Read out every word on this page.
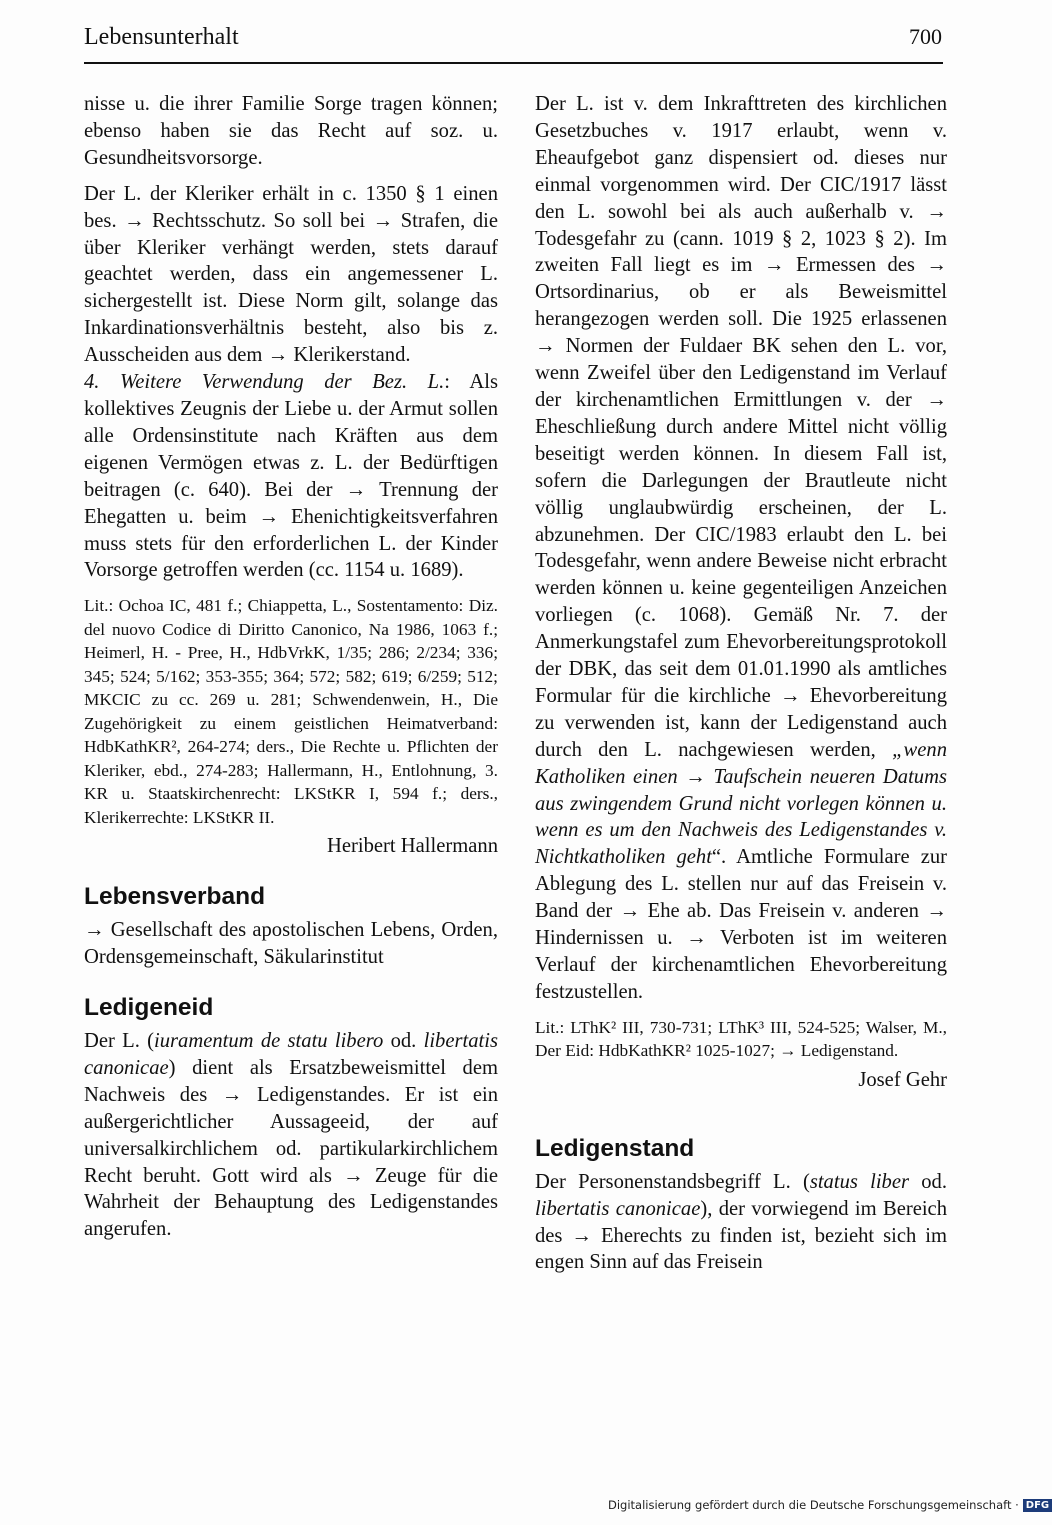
Lebensunterhalt	700

nisse u. die ihrer Familie Sorge tragen können; ebenso haben sie das Recht auf soz. u. Gesundheitsvorsorge.

Der L. der Kleriker erhält in c. 1350 § 1 einen bes. → Rechtsschutz. So soll bei → Strafen, die über Kleriker verhängt werden, stets darauf geachtet werden, dass ein angemessener L. sichergestellt ist. Diese Norm gilt, solange das Inkardinationsverhältnis besteht, also bis z. Ausscheiden aus dem → Klerikerstand.

4. Weitere Verwendung der Bez. L.: Als kollektives Zeugnis der Liebe u. der Armut sollen alle Ordensinstitute nach Kräften aus dem eigenen Vermögen etwas z. L. der Bedürftigen beitragen (c. 640). Bei der → Trennung der Ehegatten u. beim → Ehenichtigkeitsverfahren muss stets für den erforderlichen L. der Kinder Vorsorge getroffen werden (cc. 1154 u. 1689).

Lit.: Ochoa IC, 481 f.; Chiappetta, L., Sostentamento: Diz. del nuovo Codice di Diritto Canonico, Na 1986, 1063 f.; Heimerl, H. - Pree, H., HdbVrkK, 1/35; 286; 2/234; 336; 345; 524; 5/162; 353-355; 364; 572; 582; 619; 6/259; 512; MKCIC zu cc. 269 u. 281; Schwendenwein, H., Die Zugehörigkeit zu einem geistlichen Heimatverband: HdbKathKR², 264-274; ders., Die Rechte u. Pflichten der Kleriker, ebd., 274-283; Hallermann, H., Entlohnung, 3. KR u. Staatskirchenrecht: LKStKR I, 594 f.; ders., Klerikerrechte: LKStKR II.

Heribert Hallermann

Lebensverband

→ Gesellschaft des apostolischen Lebens, Orden, Ordensgemeinschaft, Säkularinstitut

Ledigeneid

Der L. (iuramentum de statu libero od. libertatis canonicae) dient als Ersatzbeweismittel dem Nachweis des → Ledigenstandes. Er ist ein außergerichtlicher Aussageeid, der auf universalkirchlichem od. partikularkirchlichem Recht beruht. Gott wird als → Zeuge für die Wahrheit der Behauptung des Ledigenstandes angerufen.

Der L. ist v. dem Inkrafttreten des kirchlichen Gesetzbuches v. 1917 erlaubt, wenn v. Eheaufgebot ganz dispensiert od. dieses nur einmal vorgenommen wird. Der CIC/1917 lässt den L. sowohl bei als auch außerhalb v. → Todesgefahr zu (cann. 1019 § 2, 1023 § 2). Im zweiten Fall liegt es im → Ermessen des → Ortsordinarius, ob er als Beweismittel herangezogen werden soll. Die 1925 erlassenen → Normen der Fuldaer BK sehen den L. vor, wenn Zweifel über den Ledigenstand im Verlauf der kirchenamtlichen Ermittlungen v. der → Eheschließung durch andere Mittel nicht völlig beseitigt werden können. In diesem Fall ist, sofern die Darlegungen der Brautleute nicht völlig unglaubwürdig erscheinen, der L. abzunehmen. Der CIC/1983 erlaubt den L. bei Todesgefahr, wenn andere Beweise nicht erbracht werden können u. keine gegenteiligen Anzeichen vorliegen (c. 1068). Gemäß Nr. 7. der Anmerkungstafel zum Ehevorbereitungsprotokoll der DBK, das seit dem 01.01.1990 als amtliches Formular für die kirchliche → Ehevorbereitung zu verwenden ist, kann der Ledigenstand auch durch den L. nachgewiesen werden, „wenn Katholiken einen → Taufschein neueren Datums aus zwingendem Grund nicht vorlegen können u. wenn es um den Nachweis des Ledigenstandes v. Nichtkatholiken geht“. Amtliche Formulare zur Ablegung des L. stellen nur auf das Freisein v. Band der → Ehe ab. Das Freisein v. anderen → Hindernissen u. → Verboten ist im weiteren Verlauf der kirchenamtlichen Ehevorbereitung festzustellen.

Lit.: LThK² III, 730-731; LThK³ III, 524-525; Walser, M., Der Eid: HdbKathKR² 1025-1027; → Ledigenstand.

Josef Gehr

Ledigenstand

Der Personenstandsbegriff L. (status liber od. libertatis canonicae), der vorwiegend im Bereich des → Eherechts zu finden ist, bezieht sich im engen Sinn auf das Freisein

Digitalisierung gefördert durch die Deutsche Forschungsgemeinschaft · DFG
